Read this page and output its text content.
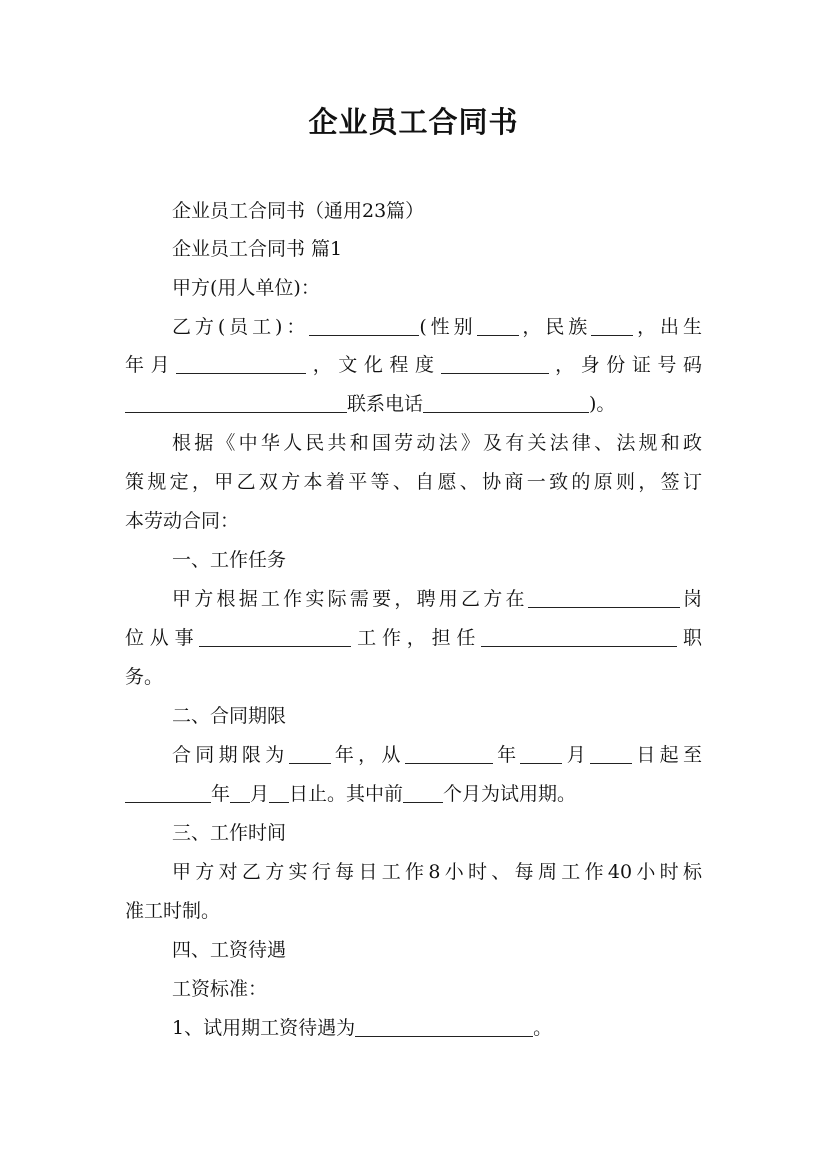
企业员工合同书
企业员工合同书（通用23篇）
企业员工合同书 篇1
甲方(用人单位)：
乙方(员工)：	(性别 ，民族 ，出生
年月	，文化程度	，身份证号码
联系电话	)。
根据《中华人民共和国劳动法》及有关法律、法规和政
策规定，甲乙双方本着平等、自愿、协商一致的原则，签订
本劳动合同：
一、工作任务
甲方根据工作实际需要，聘用乙方在	岗
位从事	工作，担任	职
务。
二、合同期限
合同期限为 年，从	年 月 日起至
年 月 日止。其中前 个月为试用期。
三、工作时间
甲方对乙方实行每日工作8小时、每周工作40小时标
准工时制。
四、工资待遇
工资标准：
1、试用期工资待遇为	。
